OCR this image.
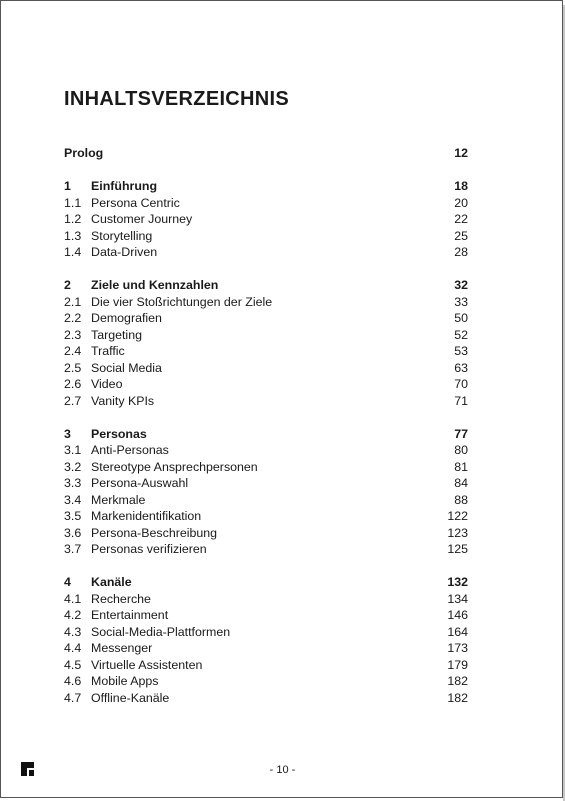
INHALTSVERZEICHNIS
Prolog	12
1	Einführung	18
1.1 Persona Centric	20
1.2 Customer Journey	22
1.3 Storytelling	25
1.4 Data-Driven	28
2	Ziele und Kennzahlen	32
2.1 Die vier Stoßrichtungen der Ziele	33
2.2 Demografien	50
2.3 Targeting	52
2.4 Traffic	53
2.5 Social Media	63
2.6 Video	70
2.7 Vanity KPIs	71
3	Personas	77
3.1 Anti-Personas	80
3.2 Stereotype Ansprechpersonen	81
3.3 Persona-Auswahl	84
3.4 Merkmale	88
3.5 Markenidentifikation	122
3.6 Persona-Beschreibung	123
3.7 Personas verifizieren	125
4	Kanäle	132
4.1 Recherche	134
4.2 Entertainment	146
4.3 Social-Media-Plattformen	164
4.4 Messenger	173
4.5 Virtuelle Assistenten	179
4.6 Mobile Apps	182
4.7 Offline-Kanäle	182
- 10 -
